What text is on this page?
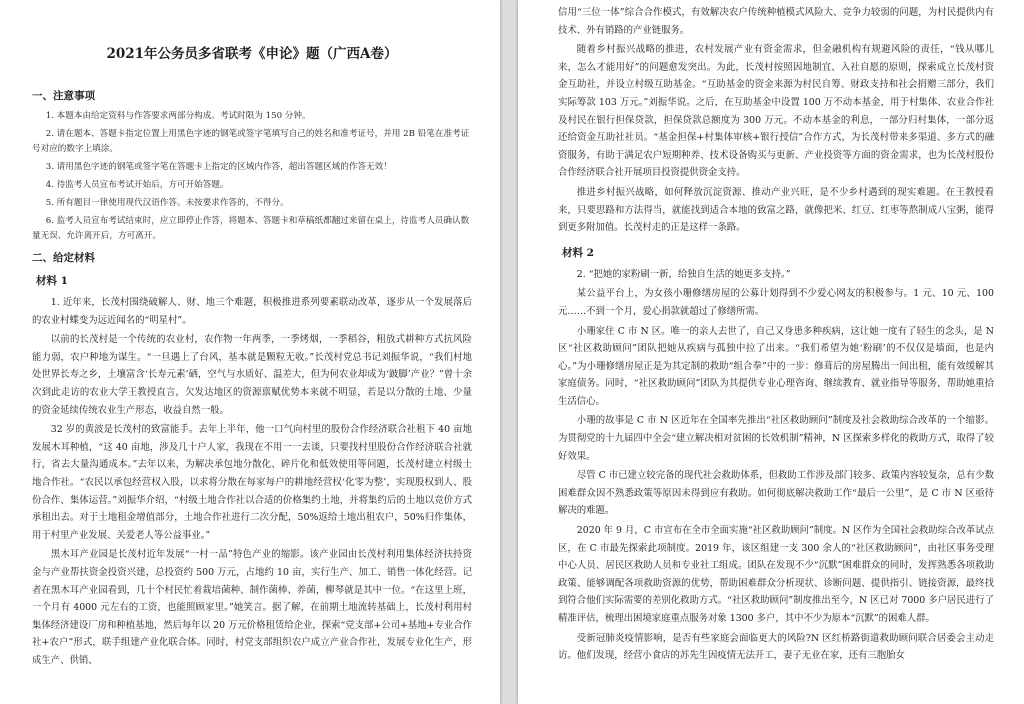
2021年公务员多省联考《申论》题（广西A卷）
一、注意事项

1. 本题本由给定资料与作答要求两部分构成。考试时限为 150 分钟。

2. 请在题本、答题卡指定位置上用黑色字迹的钢笔或签字笔填写自己的姓名和准考证号，并用 2B 铅笔在准考证号对应的数字上填涂。

3. 请用黑色字迹的钢笔或签字笔在答题卡上指定的区域内作答，超出答题区域的作答无效！

4. 待监考人员宣布考试开始后，方可开始答题。

5. 所有题目一律使用现代汉语作答。未按要求作答的，不得分。

6. 监考人员宣布考试结束时，应立即停止作答，将题本、答题卡和草稿纸都翻过来留在桌上，待监考人员确认数量无误、允许离开后，方可离开。

二、给定材料
材料 1

1. 近年来，长茂村围绕破解人、财、地三个难题，积极推进系列要素联动改革，逐步从一个发展落后的农业村蝶变为远近闻名的“明星村”。

以前的长茂村是一个传统的农业村，农作物一年两季，一季烤烟，一季稻谷，粗放式耕种方式抗风险能力弱，农户种地为谋生。“一旦遇上了台风，基本就是颗粒无收。”长茂村党总书记刘振华说，“我们村地处世界长寿之乡，土壤富含‘长寿元素’硒，空气与水质好、温差大，但为何农业却成为‘跛脚’产业？”曾十余次到此走访的农业大学王教授直言，欠发达地区的资源禀赋优势本来就不明显，若是以分散的土地、少量的资金延续传统农业生产形态，收益自然一般。

32 岁的黄波是长茂村的致富能手。去年上半年，他一口气向村里的股份合作经济联合社租下 40 亩地发展木耳种植，“这 40 亩地，涉及几十户人家，我现在不用一一去谈，只要找村里股份合作经济联合社就行，省去大量沟通成本。”去年以来，为解决承包地分散化、碎片化和低效使用等问题，长茂村建立村级土地合作社。“农民以承包经营权入股，以求将分散在每家每户的耕地经营权‘化零为整’，实现股权到人、股份合作、集体运营。”刘振华介绍，“村级土地合作社以合适的价格集约土地，并将集约后的土地以竞价方式承租出去。对于土地租金增值部分，土地合作社进行二次分配，50%返给土地出租农户，50%归作集体，用于村里产业发展、关爱老人等公益事业。”

黑木耳产业园是长茂村近年发展“一村一品”特色产业的缩影。该产业园由长茂村利用集体经济扶持资金与产业帮扶资金投资兴建，总投资约 500 万元，占地约 10 亩，实行生产、加工、销售一体化经营。记者在黑木耳产业园看到，几十个村民忙着栽培菌种、制作菌棒、养菌，柳琴就是其中一位。“在这里上班，一个月有 4000 元左右的工资，也能照顾家里。”她笑言。据了解，在前期土地流转基础上，长茂村利用村集体经济建设厂房和种植基地，然后每年以 20 万元价格租赁给企业，探索“党支部+公司+基地+专业合作社+农户”形式，联手组建产业化联合体。同时，村党支部组织农户成立产业合作社，发展专业化生产，形成生产、供销、

信用“三位一体”综合合作模式，有效解决农户传统种植模式风险大、竞争力较弱的问题，为村民提供内有技术、外有销路的产业链服务。

随着乡村振兴战略的推进，农村发展产业有资金需求，但金融机构有规避风险的责任，“钱从哪儿来，怎么才能用好”的问题愈发突出。为此，长茂村按照因地制宜、入社自愿的原则，探索成立长茂村资金互助社，并设立村级互助基金。“互助基金的资金来源为村民自筹、财政支持和社会捐赠三部分，我们实际筹款 103 万元。”刘振华说。之后，在互助基金中设置 100 万不动本基金，用于村集体、农业合作社及村民在银行担保贷款，担保贷款总额度为 300 万元。不动本基金的利息，一部分归村集体，一部分返还给资金互助社社员。“基金担保+村集体审核+银行授信”合作方式，为长茂村带来多渠道、多方式的融资服务，有助于满足农户短期种养、技术设备购买与更新、产业投资等方面的资金需求，也为长茂村股份合作经济联合社开展项目投资提供资金支持。

推进乡村振兴战略，如何释放沉淀资源、推动产业兴旺，是不少乡村遇到的现实难题。在王教授看来，只要思路和方法得当，就能找到适合本地的致富之路，就像把米、红豆、红枣等熬制成八宝粥，能得到更多附加值。长茂村走的正是这样一条路。

材料 2

2. “把她的家粉刷一新，给独自生活的她更多支持。”

某公益平台上，为女孩小珊修缮房屋的公募计划得到不少爱心网友的积极参与。1 元、10 元、100 元……不到一个月，爱心捐款就超过了修缮所需。

小珊家住 C 市 N 区。唯一的亲人去世了，自己又身患多种疾病，这让她一度有了轻生的念头，是 N 区“社区救助顾问”团队把她从疾病与孤独中拉了出来。“我们希望为她‘粉刷’的不仅仅是墙面，也是内心。”为小珊修缮房屋正是为其定制的救助“组合拳”中的一步：修葺后的房屋腾出一间出租，能有效缓解其家庭债务。同时，“社区救助顾问”团队为其提供专业心理咨询、继续教育、就业指导等服务，帮助她重拾生活信心。

小珊的故事是 C 市 N 区近年在全国率先推出“社区救助顾问”制度及社会救助综合改革的一个缩影。为贯彻党的十九届四中全会“建立解决相对贫困的长效机制”精神，N 区探索多样化的救助方式，取得了较好效果。

尽管 C 市已建立较完备的现代社会救助体系，但救助工作涉及部门较多、政策内容较复杂，总有少数困难群众因不熟悉政策等原因未得到应有救助。如何彻底解决救助工作“最后一公里”，是 C 市 N 区亟待解决的难题。

2020 年 9 月，C 市宣布在全市全面实施“社区救助顾问”制度。N 区作为全国社会救助综合改革试点区，在 C 市最先探索此项制度。2019 年，该区组建一支 300 余人的“社区救助顾问”，由社区事务受理中心人员、居民区救助人员和专业社工组成。团队在发现不少“沉默”困难群众的同时，发挥熟悉各项救助政策、能够调配各项救助资源的优势，帮助困难群众分析现状、诊断问题、提供指引、链接资源，最终找到符合他们实际需要的差别化救助方式。“社区救助顾问”制度推出至今，N 区已对 7000 多户居民进行了精准评估，梳理出困境家庭重点服务对象 1300 多户，其中不少为原本“沉默”的困难人群。

受新冠肺炎疫情影响，是否有些家庭会面临更大的风险?N 区红桥路街道救助顾问联合居委会主动走访。他们发现，经营小食店的苏先生因疫情无法开工，妻子无业在家，还有三胞胎女
